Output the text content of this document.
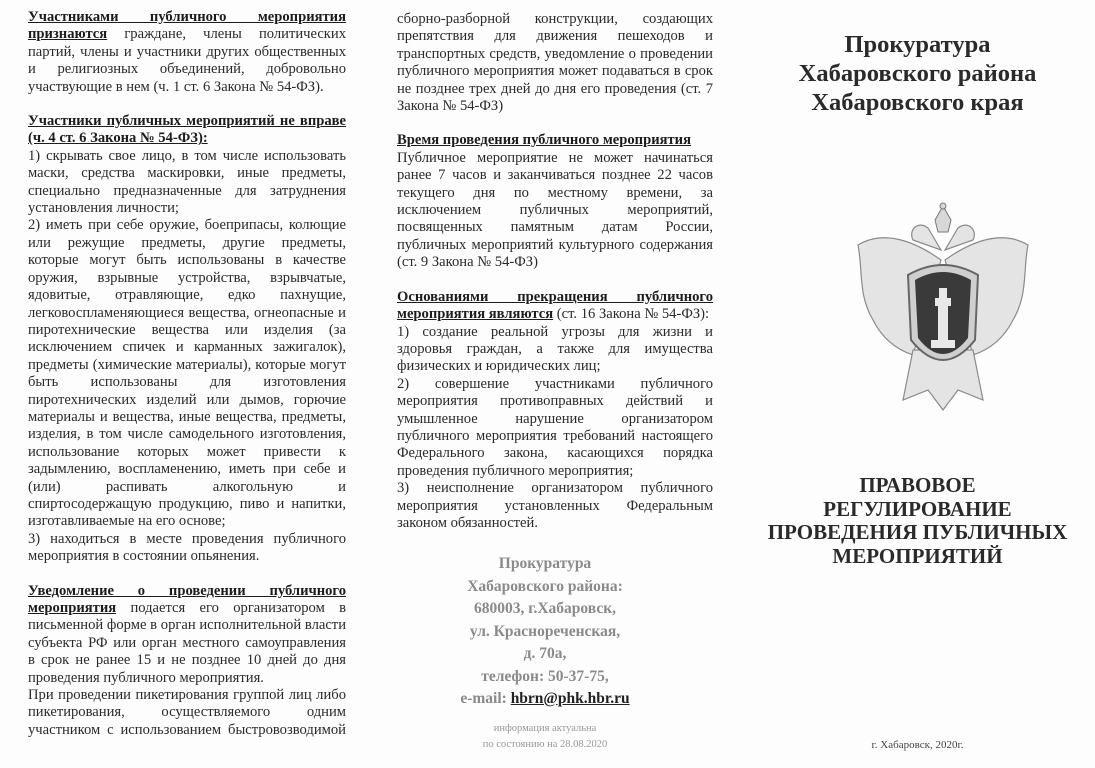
Участниками публичного мероприятия признаются граждане, члены политических партий, члены и участники других общественных и религиозных объединений, добровольно участвующие в нем (ч. 1 ст. 6 Закона № 54-ФЗ).

Участники публичных мероприятий не вправе (ч. 4 ст. 6 Закона № 54-ФЗ):

1) скрывать свое лицо, в том числе использовать маски, средства маскировки, иные предметы, специально предназначенные для затруднения установления личности;

2) иметь при себе оружие, боеприпасы, колющие или режущие предметы, другие предметы, которые могут быть использованы в качестве оружия, взрывные устройства, взрывчатые, ядовитые, отравляющие, едко пахнущие, легковоспламеняющиеся вещества, огнеопасные и пиротехнические вещества или изделия (за исключением спичек и карманных зажигалок), предметы (химические материалы), которые могут быть использованы для изготовления пиротехнических изделий или дымов, горючие материалы и вещества, иные вещества, предметы, изделия, в том числе самодельного изготовления, использование которых может привести к задымлению, воспламенению, иметь при себе и (или) распивать алкогольную и спиртосодержащую продукцию, пиво и напитки, изготавливаемые на его основе;

3) находиться в месте проведения публичного мероприятия в состоянии опьянения.

Уведомление о проведении публичного мероприятия подается его организатором в письменной форме в орган исполнительной власти субъекта РФ или орган местного самоуправления в срок не ранее 15 и не позднее 10 дней до дня проведения публичного мероприятия.

При проведении пикетирования группой лиц либо пикетирования, осуществляемого одним участником с использованием быстровозводимой

сборно-разборной конструкции, создающих препятствия для движения пешеходов и транспортных средств, уведомление о проведении публичного мероприятия может подаваться в срок не позднее трех дней до дня его проведения (ст. 7 Закона № 54-ФЗ)

Время проведения публичного мероприятия

Публичное мероприятие не может начинаться ранее 7 часов и заканчиваться позднее 22 часов текущего дня по местному времени, за исключением публичных мероприятий, посвященных памятным датам России, публичных мероприятий культурного содержания (ст. 9 Закона № 54-ФЗ)

Основаниями прекращения публичного мероприятия являются (ст. 16 Закона № 54-ФЗ):

1) создание реальной угрозы для жизни и здоровья граждан, а также для имущества физических и юридических лиц;

2) совершение участниками публичного мероприятия противоправных действий и умышленное нарушение организатором публичного мероприятия требований настоящего Федерального закона, касающихся порядка проведения публичного мероприятия;

3) неисполнение организатором публичного мероприятия установленных Федеральным законом обязанностей.

Прокуратура
Хабаровского района:
680003, г.Хабаровск,
ул. Краснореченская,
д. 70а,
телефон: 50-37-75,
e-mail: hbrn@phk.hbr.ru
информация актуальна
по состоянию на 28.08.2020
Прокуратура
Хабаровского района
Хабаровского края
ПРАВОВОЕ
РЕГУЛИРОВАНИЕ
ПРОВЕДЕНИЯ ПУБЛИЧНЫХ
МЕРОПРИЯТИЙ
г. Хабаровск, 2020г.
